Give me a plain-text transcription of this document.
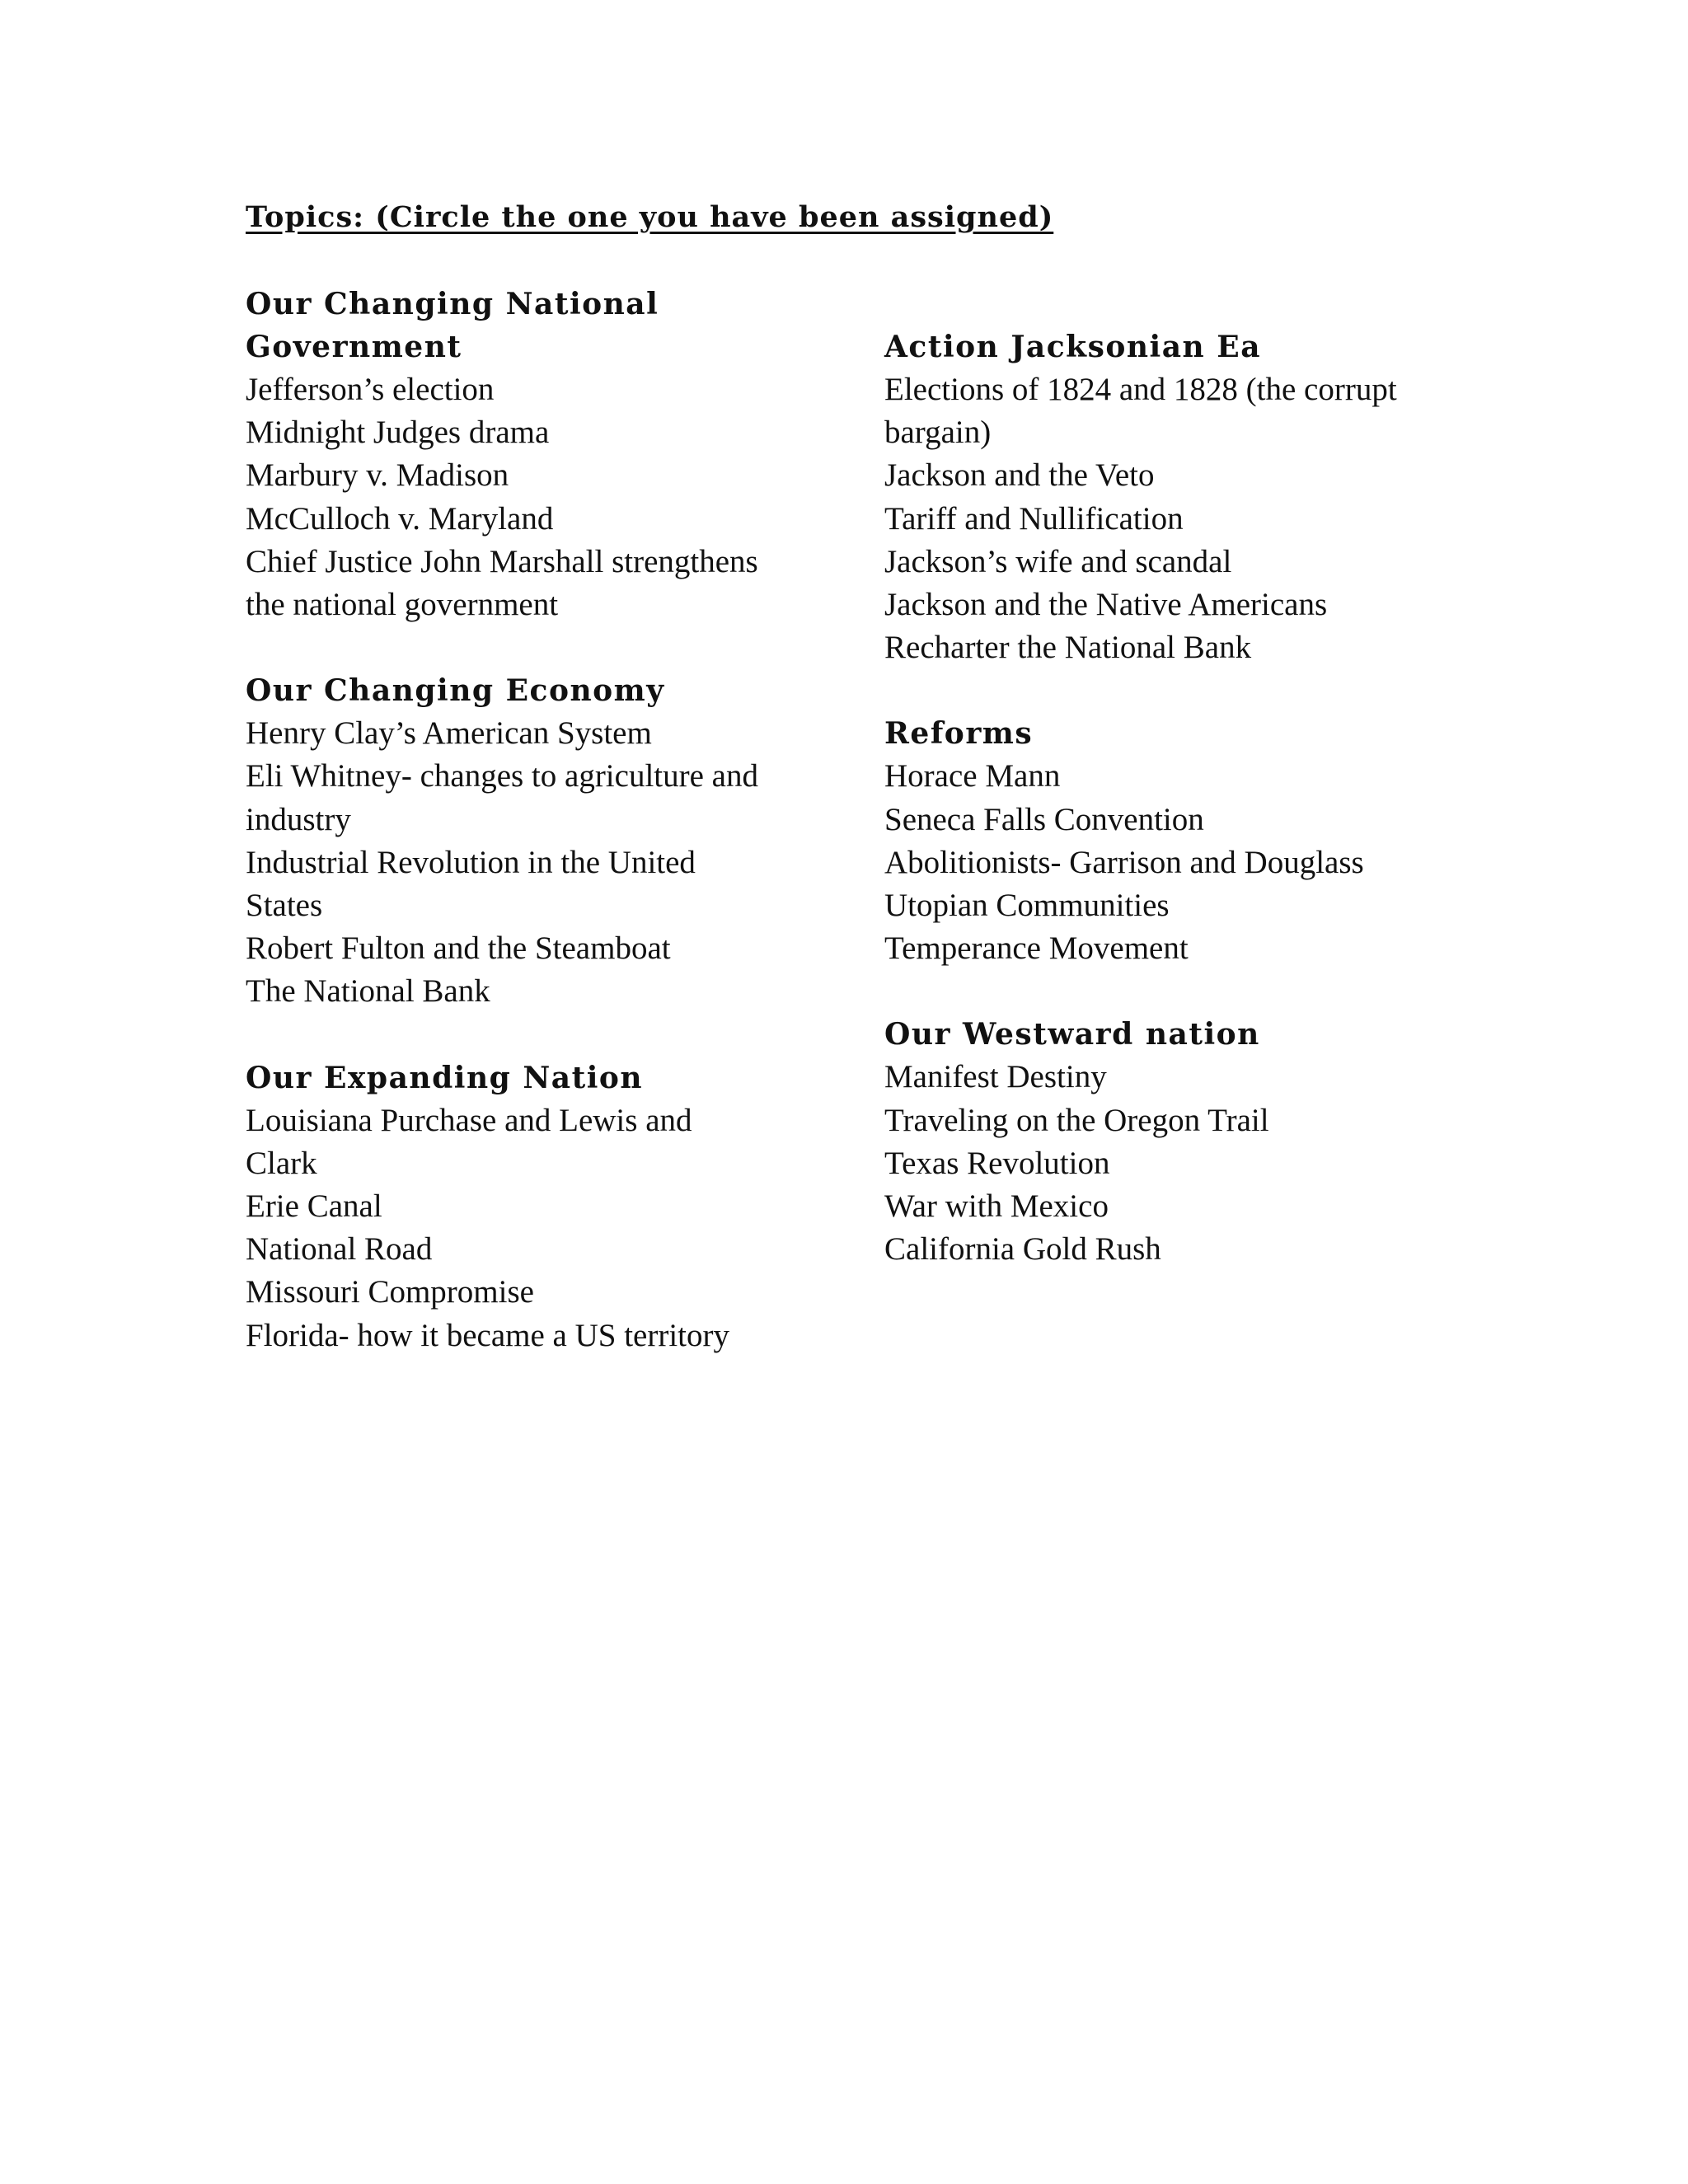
Topics: (Circle the one you have been assigned)
Our Changing National Government
Jefferson’s election
Midnight Judges drama
Marbury v. Madison
McCulloch v. Maryland
Chief Justice John Marshall strengthens the national government
Our Changing Economy
Henry Clay’s American System
Eli Whitney- changes to agriculture and industry
Industrial Revolution in the United States
Robert Fulton and the Steamboat
The National Bank
Our Expanding Nation
Louisiana Purchase and Lewis and Clark
Erie Canal
National Road
Missouri Compromise
Florida- how it became a US territory
Action Jacksonian Ea
Elections of 1824 and 1828 (the corrupt bargain)
Jackson and the Veto
Tariff and Nullification
Jackson’s wife and scandal
Jackson and the Native Americans
Recharter the National Bank
Reforms
Horace Mann
Seneca Falls Convention
Abolitionists- Garrison and Douglass
Utopian Communities
Temperance Movement
Our Westward nation
Manifest Destiny
Traveling on the Oregon Trail
Texas Revolution
War with Mexico
California Gold Rush
